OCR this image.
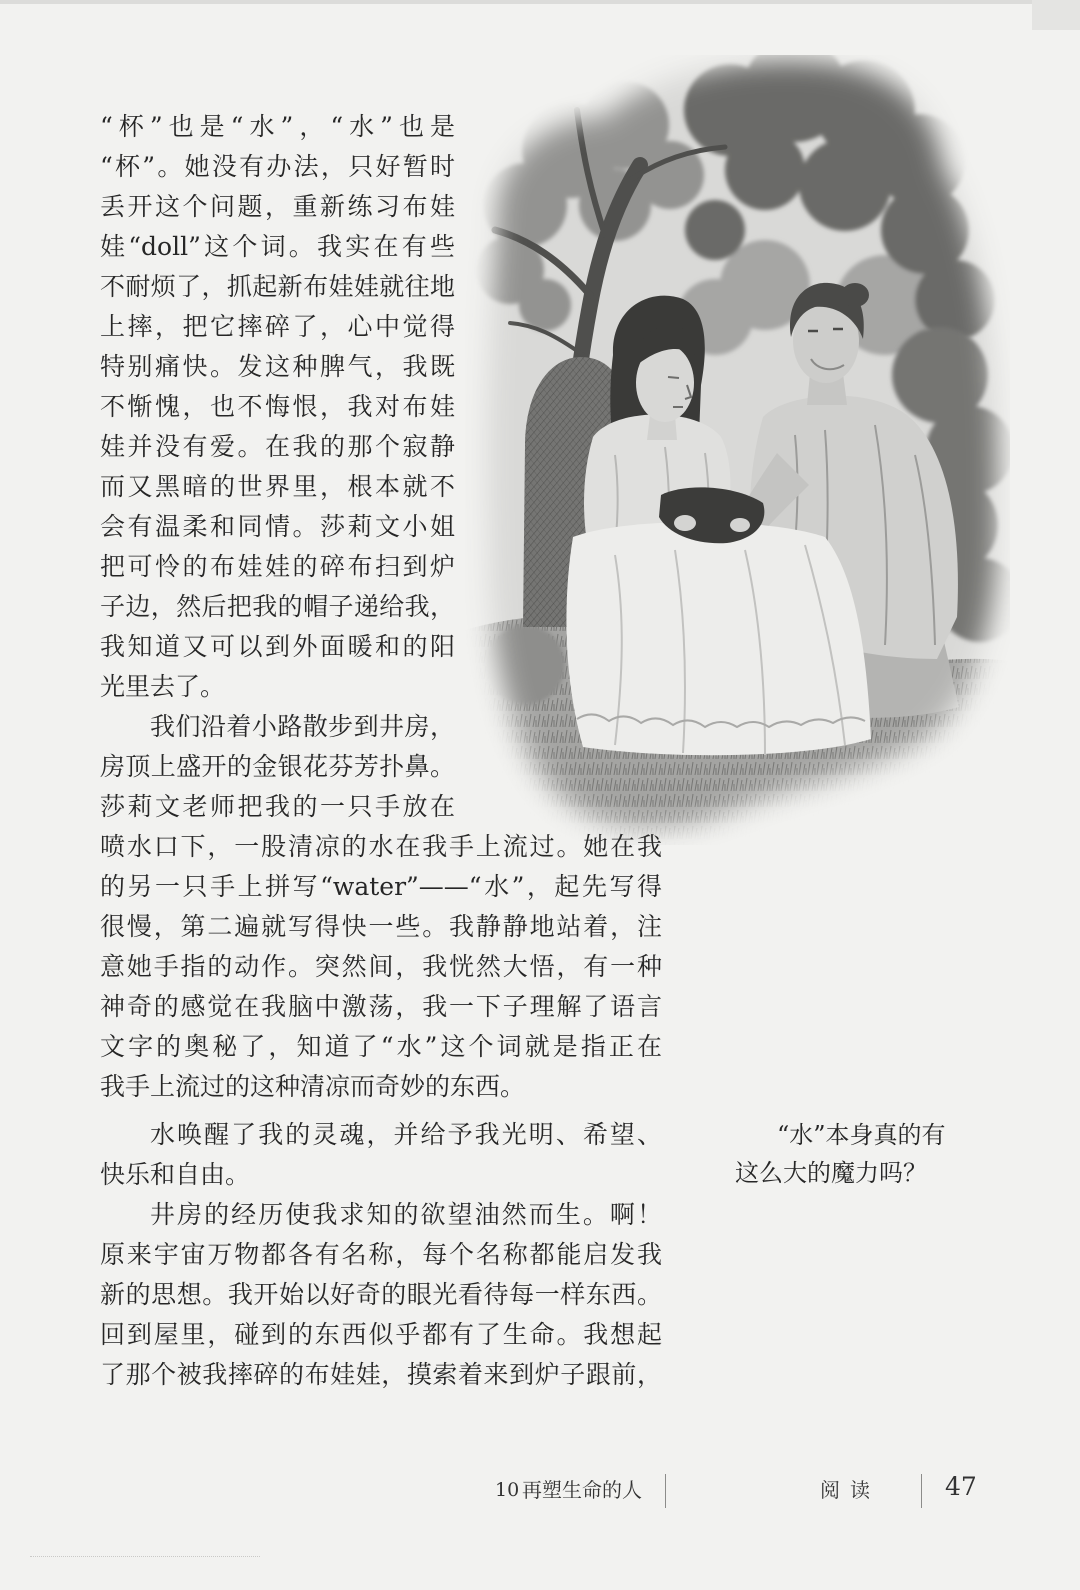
“杯”也是“水”，“水”也是
“杯”。她没有办法，只好暂时
丢开这个问题，重新练习布娃
娃“doll”这个词。我实在有些
不耐烦了，抓起新布娃娃就往地
上摔，把它摔碎了，心中觉得
特别痛快。发这种脾气，我既
不惭愧，也不悔恨，我对布娃
娃并没有爱。在我的那个寂静
而又黑暗的世界里，根本就不
会有温柔和同情。莎莉文小姐
把可怜的布娃娃的碎布扫到炉
子边，然后把我的帽子递给我，
我知道又可以到外面暖和的阳
光里去了。
我们沿着小路散步到井房，
房顶上盛开的金银花芬芳扑鼻。
莎莉文老师把我的一只手放在
喷水口下，一股清凉的水在我手上流过。她在我
的另一只手上拼写“water”——“水”，起先写得
很慢，第二遍就写得快一些。我静静地站着，注
意她手指的动作。突然间，我恍然大悟，有一种
神奇的感觉在我脑中激荡，我一下子理解了语言
文字的奥秘了，知道了“水”这个词就是指正在
我手上流过的这种清凉而奇妙的东西。
水唤醒了我的灵魂，并给予我光明、希望、
快乐和自由。
井房的经历使我求知的欲望油然而生。啊！
原来宇宙万物都各有名称，每个名称都能启发我
新的思想。我开始以好奇的眼光看待每一样东西。
回到屋里，碰到的东西似乎都有了生命。我想起
了那个被我摔碎的布娃娃，摸索着来到炉子跟前，
“水”本身真的有
这么大的魔力吗？
10 再塑生命的人	阅读	47
